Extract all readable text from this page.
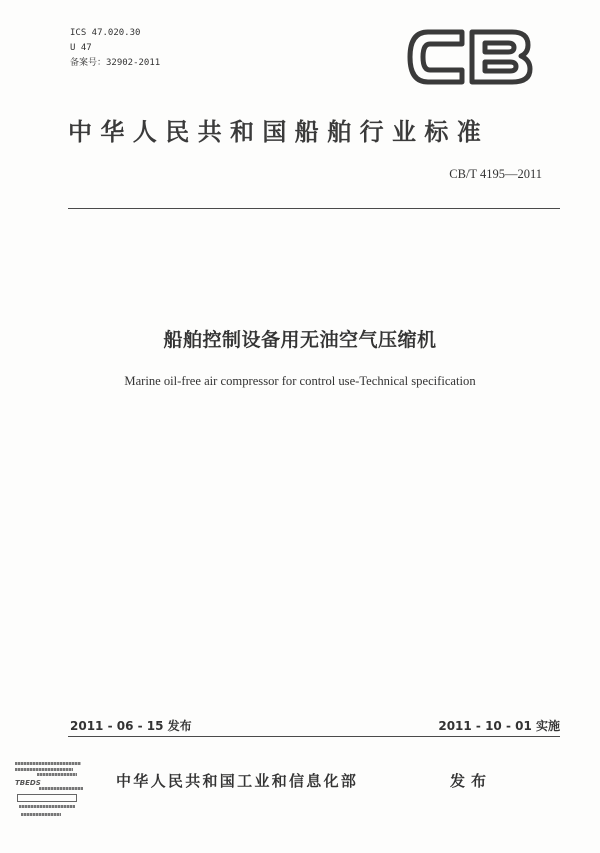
ICS 47.020.30
U 47
备案号：32902-2011
CB
中华人民共和国船舶行业标准
CB/T 4195—2011
船舶控制设备用无油空气压缩机
Marine oil-free air compressor for control use-Technical specification
2011 - 06 - 15 发布	2011 - 10 - 01 实施
TBEDS	中华人民共和国工业和信息化部	发布
